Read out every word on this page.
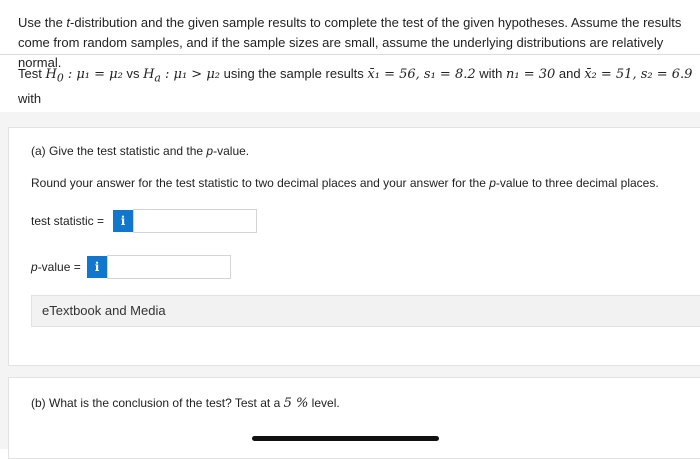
Use the t-distribution and the given sample results to complete the test of the given hypotheses. Assume the results come from random samples, and if the sample sizes are small, assume the underlying distributions are relatively normal.
Test $H_0$ : μ₁ = μ₂ vs $H_a$ : μ₁ > μ₂ using the sample results x̄₁ = 56, s₁ = 8.2 with n₁ = 30 and x̄₂ = 51, s₂ = 6.9 with

(a) Give the test statistic and the p-value.
Round your answer for the test statistic to two decimal places and your answer for the p-value to three decimal places.
test statistic =	i
p-value =	i
eTextbook and Media
(b) What is the conclusion of the test? Test at a 5 % level.
